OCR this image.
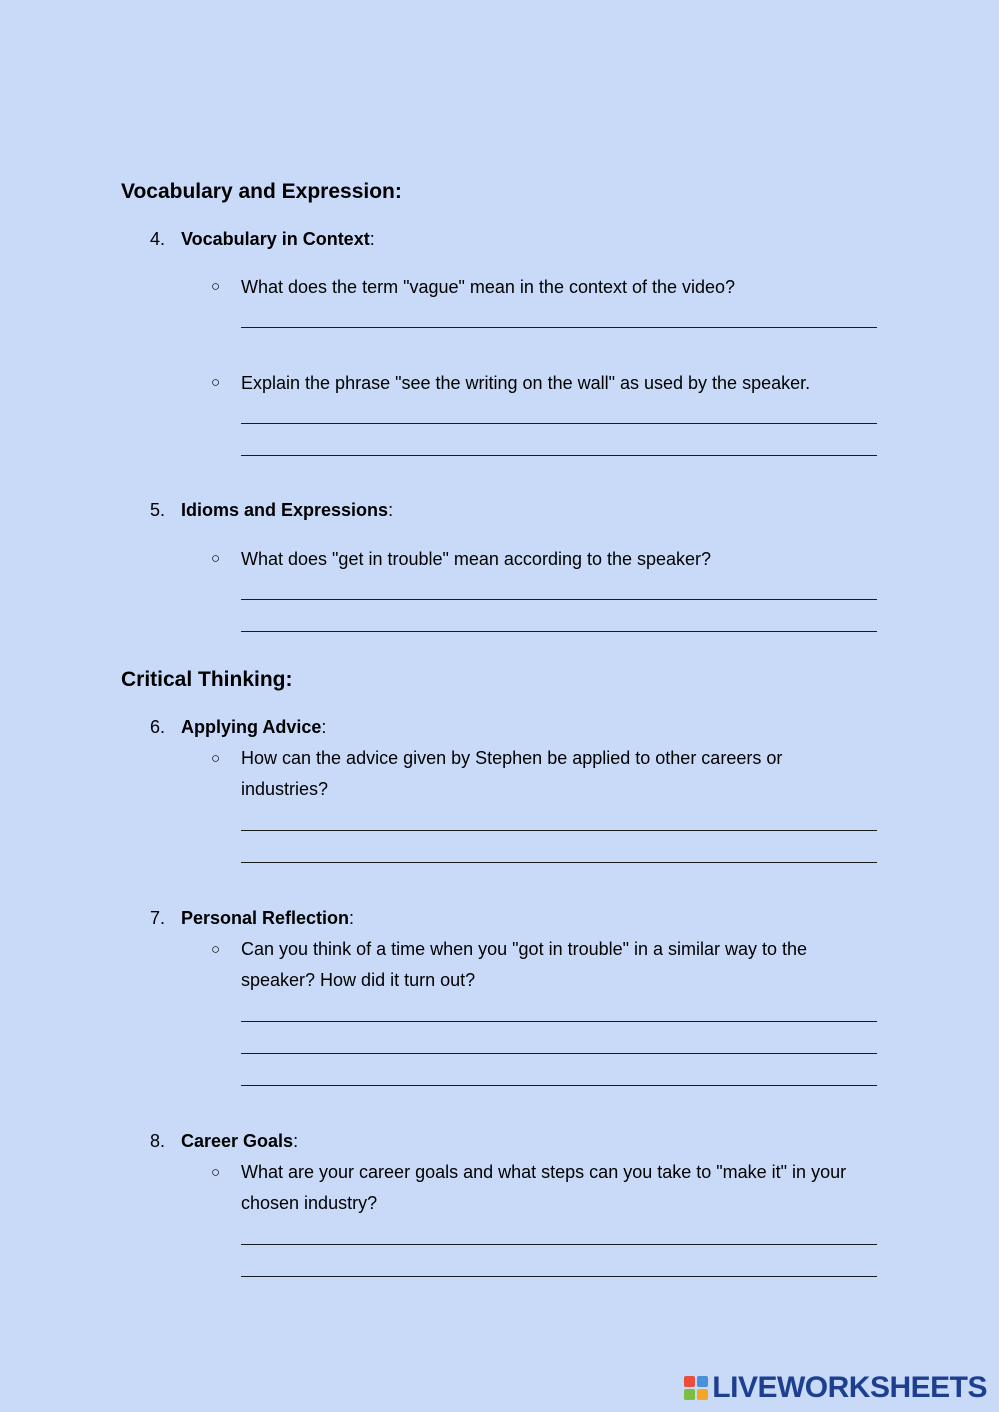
Vocabulary and Expression:
4. Vocabulary in Context:
○ What does the term "vague" mean in the context of the video?
○ Explain the phrase "see the writing on the wall" as used by the speaker.
5. Idioms and Expressions:
○ What does "get in trouble" mean according to the speaker?
Critical Thinking:
6. Applying Advice:
○ How can the advice given by Stephen be applied to other careers or industries?
7. Personal Reflection:
○ Can you think of a time when you "got in trouble" in a similar way to the speaker? How did it turn out?
8. Career Goals:
○ What are your career goals and what steps can you take to "make it" in your chosen industry?
LIVEWORKSHEETS
